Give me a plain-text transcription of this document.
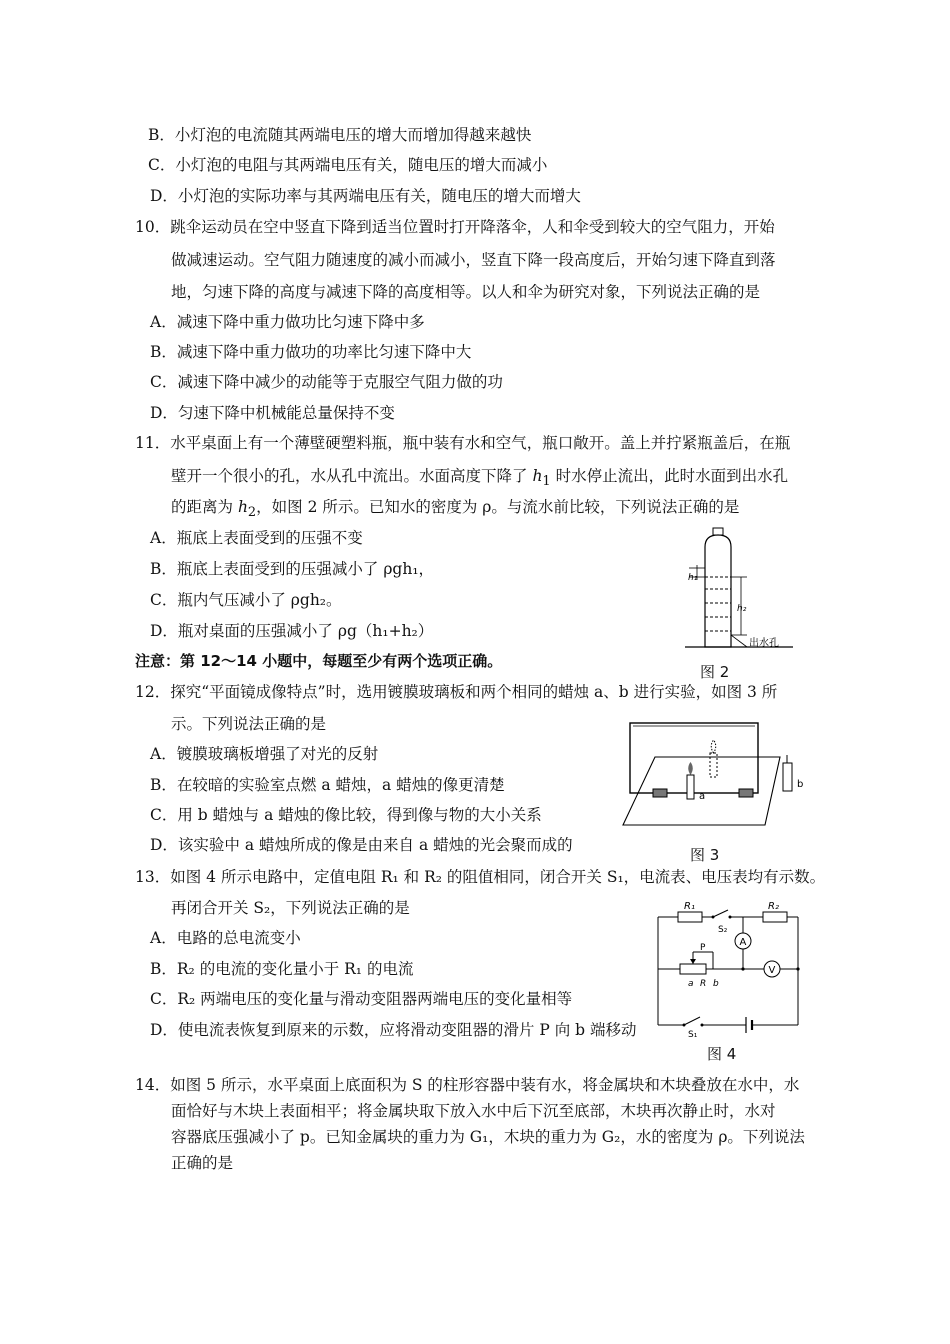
B．小灯泡的电流随其两端电压的增大而增加得越来越快
C．小灯泡的电阻与其两端电压有关，随电压的增大而减小
D．小灯泡的实际功率与其两端电压有关，随电压的增大而增大
10．跳伞运动员在空中竖直下降到适当位置时打开降落伞，人和伞受到较大的空气阻力，开始
做减速运动。空气阻力随速度的减小而减小，竖直下降一段高度后，开始匀速下降直到落
地，匀速下降的高度与减速下降的高度相等。以人和伞为研究对象，下列说法正确的是
A．减速下降中重力做功比匀速下降中多
B．减速下降中重力做功的功率比匀速下降中大
C．减速下降中减少的动能等于克服空气阻力做的功
D．匀速下降中机械能总量保持不变
11．水平桌面上有一个薄壁硬塑料瓶，瓶中装有水和空气，瓶口敞开。盖上并拧紧瓶盖后，在瓶
壁开一个很小的孔，水从孔中流出。水面高度下降了 $h_1$ 时水停止流出，此时水面到出水孔
的距离为 $h_2$，如图 2 所示。已知水的密度为 ρ。与流水前比较，下列说法正确的是
A．瓶底上表面受到的压强不变
B．瓶底上表面受到的压强减小了 ρgh₁，
C．瓶内气压减小了 ρgh₂。
D．瓶对桌面的压强减小了 ρg（h₁+h₂）
h₁
h₂
出水孔
图 2
注意：第 12～14 小题中，每题至少有两个选项正确。
12．探究“平面镜成像特点”时，选用镀膜玻璃板和两个相同的蜡烛 a、b 进行实验，如图 3 所
示。下列说法正确的是
A．镀膜玻璃板增强了对光的反射
B．在较暗的实验室点燃 a 蜡烛，a 蜡烛的像更清楚
C．用 b 蜡烛与 a 蜡烛的像比较，得到像与物的大小关系
D．该实验中 a 蜡烛所成的像是由来自 a 蜡烛的光会聚而成的
a
b
图 3
13．如图 4 所示电路中，定值电阻 R₁ 和 R₂ 的阻值相同，闭合开关 S₁，电流表、电压表均有示数。
再闭合开关 S₂，下列说法正确的是
A．电路的总电流变小
B．R₂ 的电流的变化量小于 R₁ 的电流
C．R₂ 两端电压的变化量与滑动变阻器两端电压的变化量相等
D．使电流表恢复到原来的示数，应将滑动变阻器的滑片 P 向 b 端移动
R₁
S₂
R₂
A
P
a R b
V
S₁
图 4
14．如图 5 所示，水平桌面上底面积为 S 的柱形容器中装有水，将金属块和木块叠放在水中，水
面恰好与木块上表面相平；将金属块取下放入水中后下沉至底部，木块再次静止时，水对
容器底压强减小了 p。已知金属块的重力为 G₁，木块的重力为 G₂，水的密度为 ρ。下列说法
正确的是
